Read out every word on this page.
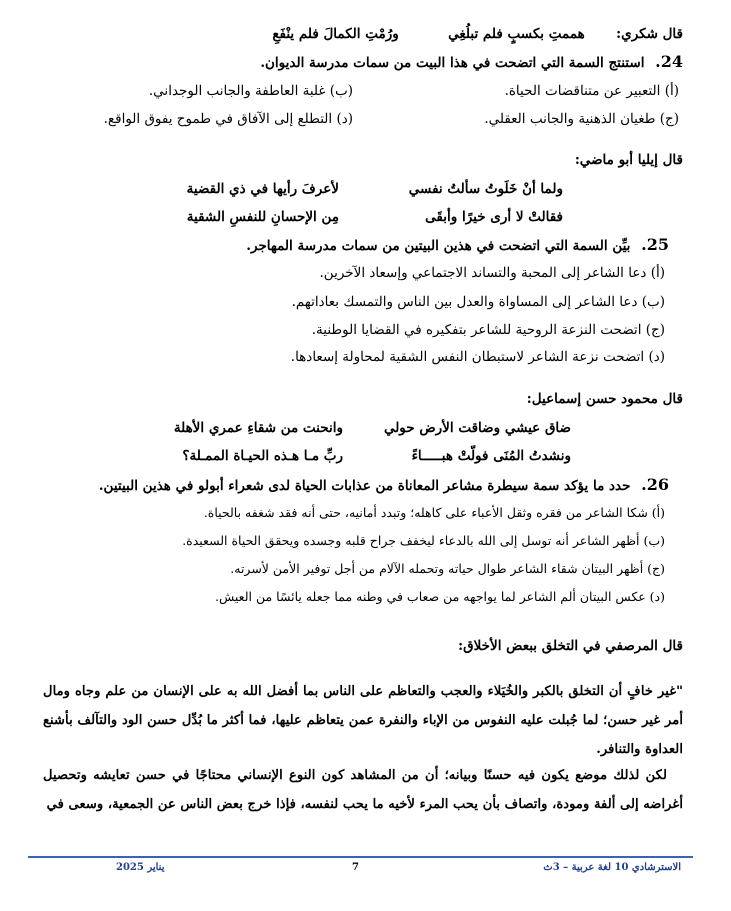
قال شكري:  هممتِ بكسبٍ فلم تبلُغِي  ورُمْتِ الكمالَ فلم ينْفَعِ
24. استنتج السمة التي اتضحت في هذا البيت من سمات مدرسة الديوان.
(أ) التعبير عن متناقضات الحياة.
(ب) غلبة العاطفة والجانب الوجداني.
(ج) طغيان الذهنية والجانب العقلي.
(د) التطلع إلى الآفاق في طموح يفوق الواقع.
قال إيليا أبو ماضي:
ولما أنْ خَلَوتُ سألتُ نفسي
لأعرفَ رأيها في ذي القضية
فقالتْ لا أرى خيرًا وأبقَى
مِن الإحسانِ للنفسِ الشقية
25. بيِّن السمة التي اتضحت في هذين البيتين من سمات مدرسة المهاجر.
(أ) دعا الشاعر إلى المحبة والتساند الاجتماعي وإسعاد الآخرين.
(ب) دعا الشاعر إلى المساواة والعدل بين الناس والتمسك بعاداتهم.
(ج) اتضحت النزعة الروحية للشاعر بتفكيره في القضايا الوطنية.
(د) اتضحت نزعة الشاعر لاستبطان النفس الشقية لمحاولة إسعادها.
قال محمود حسن إسماعيل:
ضاق عيشي وضاقت الأرض حولي
وانحنت من شقاءِ عمري الأهلة
ونشدتُ المُنَى فولّتْ هبـــــاءً
ربِّ مـا هـذه الحيـاة الممـلة؟
26. حدد ما يؤكد سمة سيطرة مشاعر المعاناة من عذابات الحياة لدى شعراء أبولو في هذين البيتين.
(أ) شكا الشاعر من فقره وثقل الأعباء على كاهله؛ وتبدد أمانيه، حتى أنه فقد شغفه بالحياة.
(ب) أظهر الشاعر أنه توسل إلى الله بالدعاء ليخفف جراح قلبه وجسده ويحقق الحياة السعيدة.
(ج) أظهر البيتان شقاء الشاعر طوال حياته وتحمله الآلام من أجل توفير الأمن لأسرته.
(د) عكس البيتان ألم الشاعر لما يواجهه من صعاب في وطنه مما جعله يائسًا من العيش.
قال المرصفي في التخلق ببعض الأخلاق:
"غير خافٍ أن التخلق بالكبر والخُيَلاء والعجب والتعاظم على الناس بما أفضل الله به على الإنسان من علم وجاه ومال أمر غير حسن؛ لما جُبلت عليه النفوس من الإباء والنفرة عمن يتعاظم عليها، فما أكثر ما بُدِّل حسن الود والتآلف بأشنع العداوة والتنافر.
لكن لذلك موضع يكون فيه حسنًا وبيانه؛ أن من المشاهد كون النوع الإنساني محتاجًا في حسن تعايشه وتحصيل أغراضه إلى ألفة ومودة، واتصاف بأن يحب المرء لأخيه ما يحب لنفسه، فإذا خرج بعض الناس عن الجمعية، وسعى في
الاسترشادي 10 لغة عربية – 3ث
7
يناير 2025
